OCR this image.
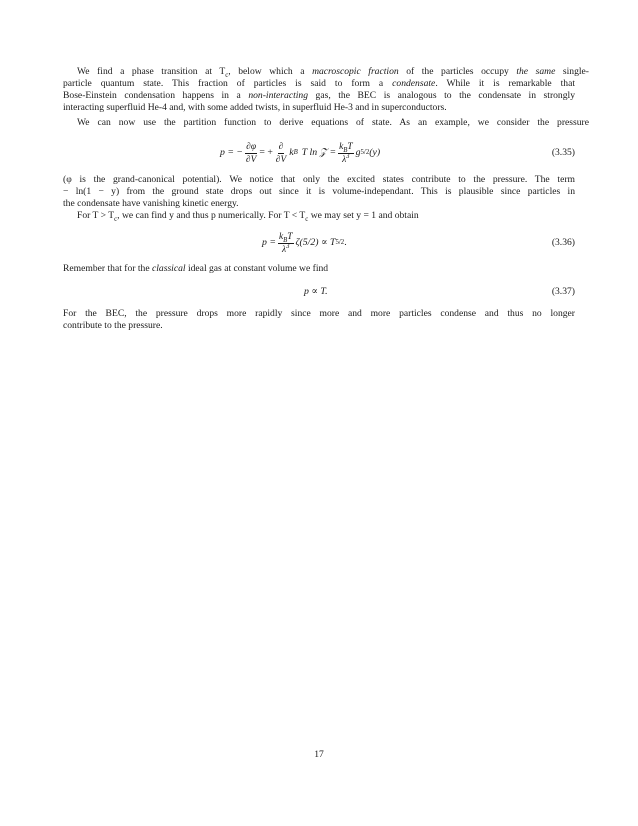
We find a phase transition at $T_c$, below which a macroscopic fraction of the particles occupy the same single-
particle quantum state. This fraction of particles is said to form a condensate. While it is remarkable that
Bose-Einstein condensation happens in a non-interacting gas, the BEC is analogous to the condensate in strongly
interacting superfluid He-4 and, with some added twists, in superfluid He-3 and in superconductors.
We can now use the partition function to derive equations of state. As an example, we consider the pressure
p = − $\frac{\partial\varphi}{\partial V}$ = + $\frac{\partial}{\partial V}$ k B T ln 𝒵 = $\frac{k_BT}{\lambda^3}$ g 5/2 (y)	(3.35)
(φ is the grand-canonical potential). We notice that only the excited states contribute to the pressure. The term
− ln(1 − y) from the ground state drops out since it is volume-independant. This is plausible since particles in
the condensate have vanishing kinetic energy.
For $T > T_c$, we can find y and thus p numerically. For $T < T_c$ we may set y = 1 and obtain
$p = \frac{k_BT}{\lambda^3} \zeta(5/2) \propto T$ 5/2 .	(3.36)
Remember that for the classical ideal gas at constant volume we find
p ∝ T.	(3.37)
For the BEC, the pressure drops more rapidly since more and more particles condense and thus no longer
contribute to the pressure.
17
